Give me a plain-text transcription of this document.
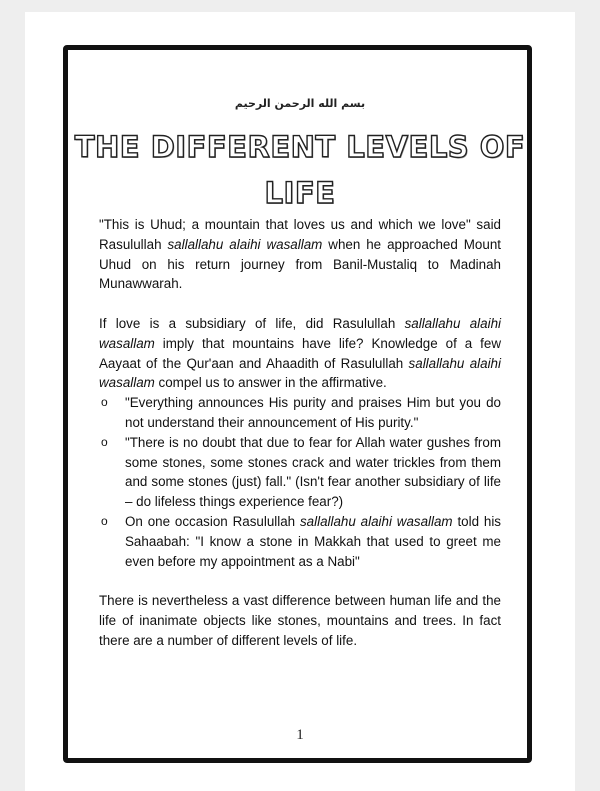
بسم الله الرحمن الرحيم
THE DIFFERENT LEVELS OF
LIFE

"This is Uhud; a mountain that loves us and which we love" said Rasulullah sallallahu alaihi wasallam when he approached Mount Uhud on his return journey from Banil-Mustaliq to Madinah Munawwarah.

If love is a subsidiary of life, did Rasulullah sallallahu alaihi wasallam imply that mountains have life? Knowledge of a few Aayaat of the Qur'aan and Ahaadith of Rasulullah sallallahu alaihi wasallam compel us to answer in the affirmative.

o "Everything announces His purity and praises Him but you do not understand their announcement of His purity."
o "There is no doubt that due to fear for Allah water gushes from some stones, some stones crack and water trickles from them and some stones (just) fall." (Isn't fear another subsidiary of life – do lifeless things experience fear?)
o On one occasion Rasulullah sallallahu alaihi wasallam told his Sahaabah: "I know a stone in Makkah that used to greet me even before my appointment as a Nabi"

There is nevertheless a vast difference between human life and the life of inanimate objects like stones, mountains and trees. In fact there are a number of different levels of life.

1
